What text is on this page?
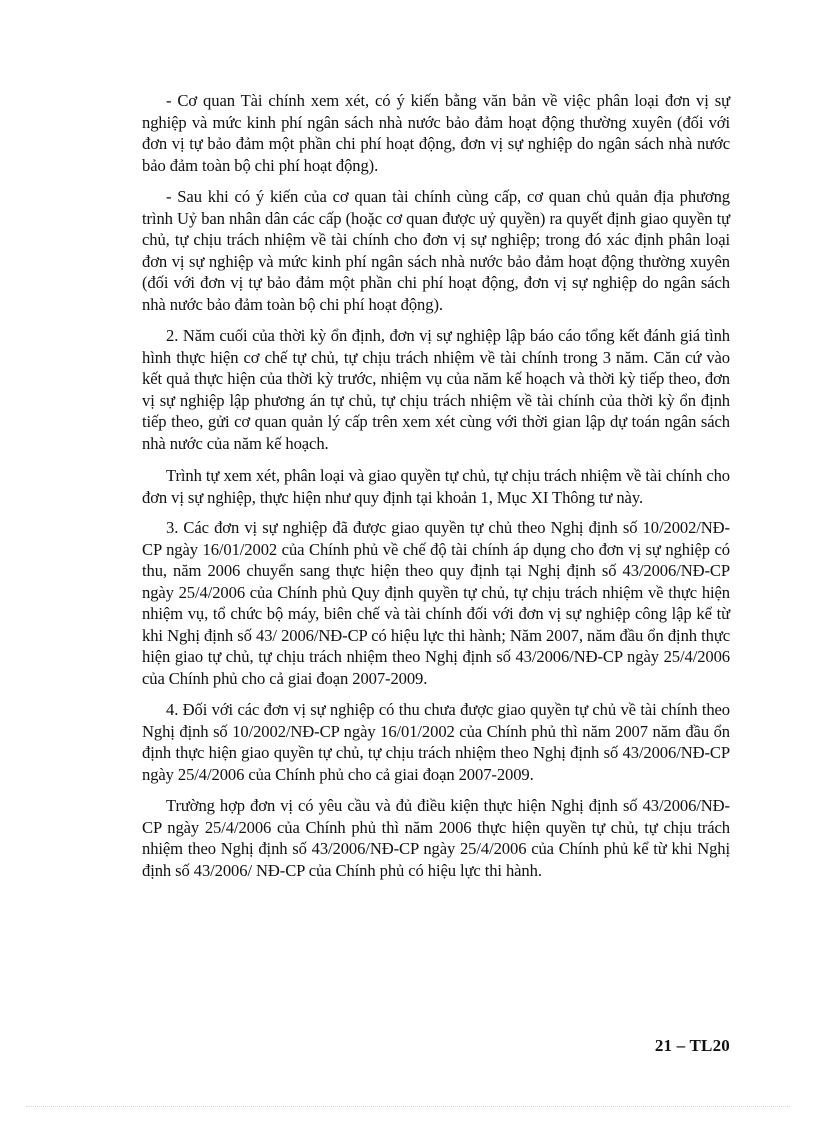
- Cơ quan Tài chính xem xét, có ý kiến bằng văn bản về việc phân loại đơn vị sự nghiệp và mức kinh phí ngân sách nhà nước bảo đảm hoạt động thường xuyên (đối với đơn vị tự bảo đảm một phần chi phí hoạt động, đơn vị sự nghiệp do ngân sách nhà nước bảo đảm toàn bộ chi phí hoạt động).

- Sau khi có ý kiến của cơ quan tài chính cùng cấp, cơ quan chủ quản địa phương trình Uỷ ban nhân dân các cấp (hoặc cơ quan được uỷ quyền) ra quyết định giao quyền tự chủ, tự chịu trách nhiệm về tài chính cho đơn vị sự nghiệp; trong đó xác định phân loại đơn vị sự nghiệp và mức kinh phí ngân sách nhà nước bảo đảm hoạt động thường xuyên (đối với đơn vị tự bảo đảm một phần chi phí hoạt động, đơn vị sự nghiệp do ngân sách nhà nước bảo đảm toàn bộ chi phí hoạt động).

2. Năm cuối của thời kỳ ổn định, đơn vị sự nghiệp lập báo cáo tổng kết đánh giá tình hình thực hiện cơ chế tự chủ, tự chịu trách nhiệm về tài chính trong 3 năm. Căn cứ vào kết quả thực hiện của thời kỳ trước, nhiệm vụ của năm kế hoạch và thời kỳ tiếp theo, đơn vị sự nghiệp lập phương án tự chủ, tự chịu trách nhiệm về tài chính của thời kỳ ổn định tiếp theo, gửi cơ quan quản lý cấp trên xem xét cùng với thời gian lập dự toán ngân sách nhà nước của năm kế hoạch.

Trình tự xem xét, phân loại và giao quyền tự chủ, tự chịu trách nhiệm về tài chính cho đơn vị sự nghiệp, thực hiện như quy định tại khoản 1, Mục XI Thông tư này.

3. Các đơn vị sự nghiệp đã được giao quyền tự chủ theo Nghị định số 10/2002/NĐ-CP ngày 16/01/2002 của Chính phủ về chế độ tài chính áp dụng cho đơn vị sự nghiệp có thu, năm 2006 chuyển sang thực hiện theo quy định tại Nghị định số 43/2006/NĐ-CP ngày 25/4/2006 của Chính phủ Quy định quyền tự chủ, tự chịu trách nhiệm về thực hiện nhiệm vụ, tổ chức bộ máy, biên chế và tài chính đối với đơn vị sự nghiệp công lập kể từ khi Nghị định số 43/ 2006/NĐ-CP có hiệu lực thi hành; Năm 2007, năm đầu ổn định thực hiện giao tự chủ, tự chịu trách nhiệm theo Nghị định số 43/2006/NĐ-CP ngày 25/4/2006 của Chính phủ cho cả giai đoạn 2007-2009.

4. Đối với các đơn vị sự nghiệp có thu chưa được giao quyền tự chủ về tài chính theo Nghị định số 10/2002/NĐ-CP ngày 16/01/2002 của Chính phủ thì năm 2007 năm đầu ổn định thực hiện giao quyền tự chủ, tự chịu trách nhiệm theo Nghị định số 43/2006/NĐ-CP ngày 25/4/2006 của Chính phủ cho cả giai đoạn 2007-2009.

Trường hợp đơn vị có yêu cầu và đủ điều kiện thực hiện Nghị định số 43/2006/NĐ-CP ngày 25/4/2006 của Chính phủ thì năm 2006 thực hiện quyền tự chủ, tự chịu trách nhiệm theo Nghị định số 43/2006/NĐ-CP ngày 25/4/2006 của Chính phủ kể từ khi Nghị định số 43/2006/ NĐ-CP của Chính phủ có hiệu lực thi hành.

21 – TL20
